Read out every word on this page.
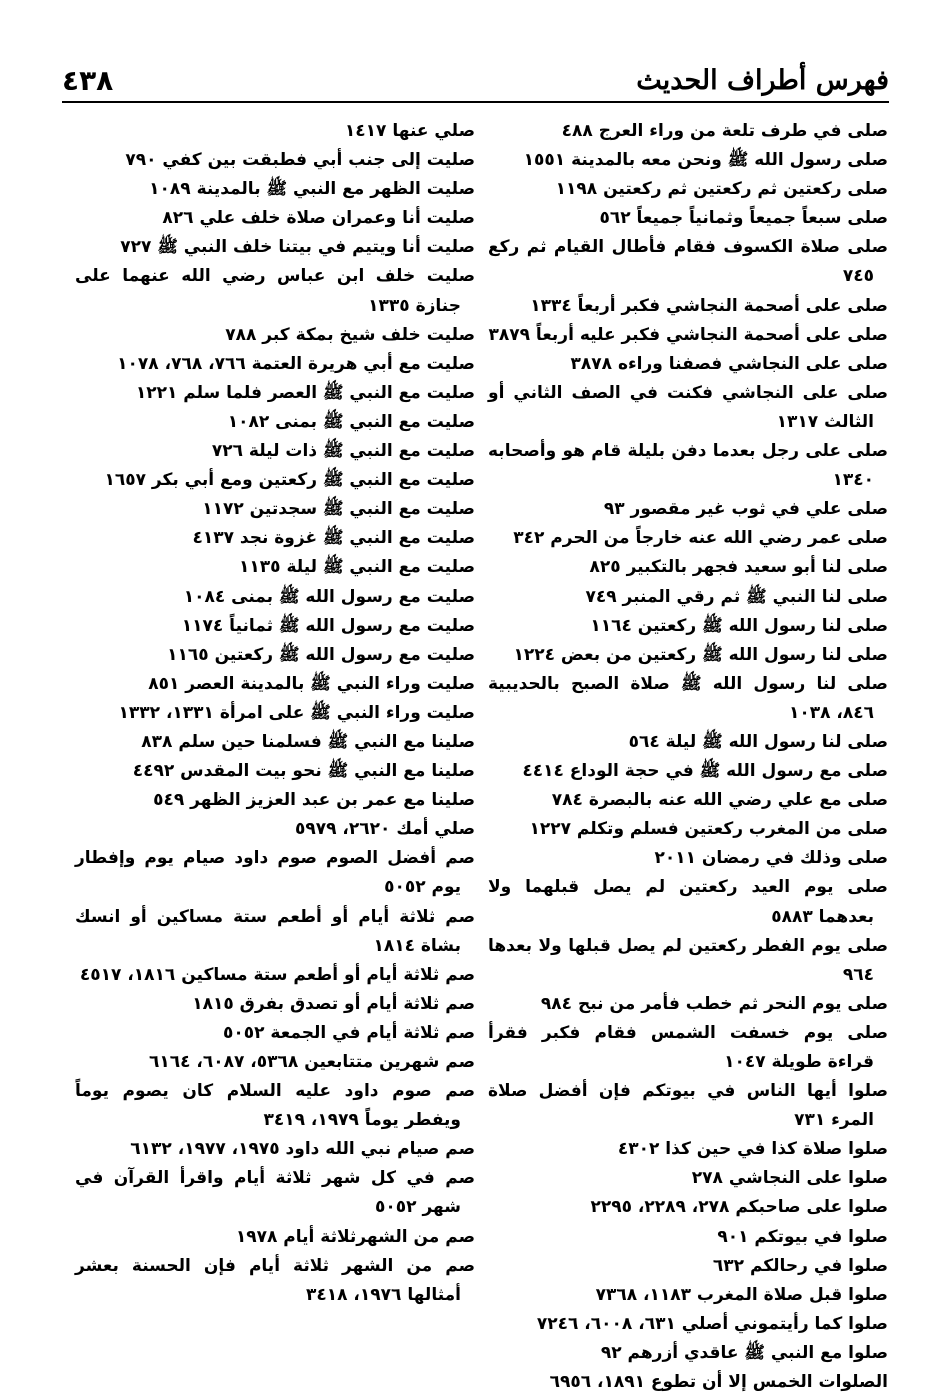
فهرس أطراف الحديث
٤٣٨
صلى في طرف تلعة من وراء العرج ٤٨٨
صلى رسول الله ﷺ ونحن معه بالمدينة ١٥٥١
صلى ركعتين ثم ركعتين ثم ركعتين ١١٩٨
صلى سبعاً جميعاً وثمانياً جميعاً ٥٦٢
صلى صلاة الكسوف فقام فأطال القيام ثم ركع ٧٤٥
صلى على أصحمة النجاشي فكبر أربعاً ١٣٣٤
صلى على أصحمة النجاشي فكبر عليه أربعاً ٣٨٧٩
صلى على النجاشي فصفنا وراءه ٣٨٧٨
صلى على النجاشي فكنت في الصف الثاني أو الثالث ١٣١٧
صلى على رجل بعدما دفن بليلة قام هو وأصحابه ١٣٤٠
صلى علي في ثوب غير مقصور ٩٣
صلى عمر رضي الله عنه خارجاً من الحرم ٣٤٢
صلى لنا أبو سعيد فجهر بالتكبير ٨٢٥
صلى لنا النبي ﷺ ثم رقي المنبر ٧٤٩
صلى لنا رسول الله ﷺ ركعتين ١١٦٤
صلى لنا رسول الله ﷺ ركعتين من بعض ١٢٢٤
صلى لنا رسول الله ﷺ صلاة الصبح بالحديبية ٨٤٦، ١٠٣٨
صلى لنا رسول الله ﷺ ليلة ٥٦٤
صلى مع رسول الله ﷺ في حجة الوداع ٤٤١٤
صلى مع علي رضي الله عنه بالبصرة ٧٨٤
صلى من المغرب ركعتين فسلم وتكلم ١٢٢٧
صلى وذلك في رمضان ٢٠١١
صلى يوم العيد ركعتين لم يصل قبلهما ولا بعدهما ٥٨٨٣
صلى يوم الفطر ركعتين لم يصل قبلها ولا بعدها ٩٦٤
صلى يوم النحر ثم خطب فأمر من نبح ٩٨٤
صلى يوم خسفت الشمس فقام فكبر فقرأ قراءة طويلة ١٠٤٧
صلوا أيها الناس في بيوتكم فإن أفضل صلاة المرء ٧٣١
صلوا صلاة كذا في حين كذا ٤٣٠٢
صلوا على النجاشي ٢٧٨
صلوا على صاحبكم ٢٧٨، ٢٢٨٩، ٢٢٩٥
صلوا في بيوتكم ٩٠١
صلوا في رحالكم ٦٣٢
صلوا قبل صلاة المغرب ١١٨٣، ٧٣٦٨
صلوا كما رأيتموني أصلي ٦٣١، ٦٠٠٨، ٧٢٤٦
صلوا مع النبي ﷺ عاقدي أزرهم ٩٢
الصلوات الخمس إلا أن تطوع ١٨٩١، ٦٩٥٦
صلي عنها ١٤١٧
صليت إلى جنب أبي فطبقت بين كفي ٧٩٠
صليت الظهر مع النبي ﷺ بالمدينة ١٠٨٩
صليت أنا وعمران صلاة خلف علي ٨٢٦
صليت أنا ويتيم في بيتنا خلف النبي ﷺ ٧٢٧
صليت خلف ابن عباس رضي الله عنهما على جنازة ١٣٣٥
صليت خلف شيخ بمكة كبر ٧٨٨
صليت مع أبي هريرة العتمة ٧٦٦، ٧٦٨، ١٠٧٨
صليت مع النبي ﷺ العصر فلما سلم ١٢٢١
صليت مع النبي ﷺ بمنى ١٠٨٢
صليت مع النبي ﷺ ذات ليلة ٧٢٦
صليت مع النبي ﷺ ركعتين ومع أبي بكر ١٦٥٧
صليت مع النبي ﷺ سجدتين ١١٧٢
صليت مع النبي ﷺ غزوة نجد ٤١٣٧
صليت مع النبي ﷺ ليلة ١١٣٥
صليت مع رسول الله ﷺ بمنى ١٠٨٤
صليت مع رسول الله ﷺ ثمانياً ١١٧٤
صليت مع رسول الله ﷺ ركعتين ١١٦٥
صليت وراء النبي ﷺ بالمدينة العصر ٨٥١
صليت وراء النبي ﷺ على امرأة ١٣٣١، ١٣٣٢
صلينا مع النبي ﷺ فسلمنا حين سلم ٨٣٨
صلينا مع النبي ﷺ نحو بيت المقدس ٤٤٩٢
صلينا مع عمر بن عبد العزيز الظهر ٥٤٩
صلي أمك ٢٦٢٠، ٥٩٧٩
صم أفضل الصوم صوم داود صيام يوم وإفطار يوم ٥٠٥٢
صم ثلاثة أيام أو أطعم ستة مساكين أو انسك بشاة ١٨١٤
صم ثلاثة أيام أو أطعم ستة مساكين ١٨١٦، ٤٥١٧
صم ثلاثة أيام أو تصدق بفرق ١٨١٥
صم ثلاثة أيام في الجمعة ٥٠٥٢
صم شهرين متتابعين ٥٣٦٨، ٦٠٨٧، ٦١٦٤
صم صوم داود عليه السلام كان يصوم يوماً ويفطر يوماً ١٩٧٩، ٣٤١٩
صم صيام نبي الله داود ١٩٧٥، ١٩٧٧، ٦١٣٢
صم في كل شهر ثلاثة أيام واقرأ القرآن في شهر ٥٠٥٢
صم من الشهرثلاثة أيام ١٩٧٨
صم من الشهر ثلاثة أيام فإن الحسنة بعشر أمثالها ١٩٧٦، ٣٤١٨
